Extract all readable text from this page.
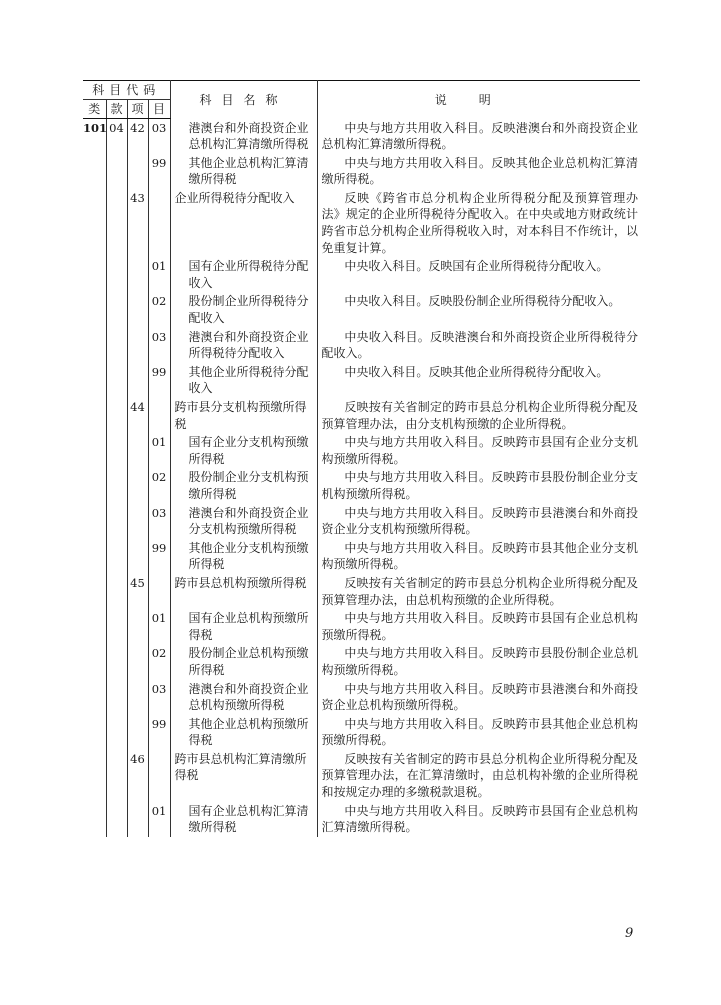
科目代码				科目名称	说明
类	款	项	目		
101	04	42	03	港澳台和外商投资企业总机构汇算清缴所得税	中央与地方共用收入科目。反映港澳台和外商投资企业总机构汇算清缴所得税。
			99	其他企业总机构汇算清缴所得税	中央与地方共用收入科目。反映其他企业总机构汇算清缴所得税。
		43		企业所得税待分配收入	反映《跨省市总分机构企业所得税分配及预算管理办法》规定的企业所得税待分配收入。在中央或地方财政统计跨省市总分机构企业所得税收入时，对本科目不作统计，以免重复计算。
			01	国有企业所得税待分配收入	中央收入科目。反映国有企业所得税待分配收入。
			02	股份制企业所得税待分配收入	中央收入科目。反映股份制企业所得税待分配收入。
			03	港澳台和外商投资企业所得税待分配收入	中央收入科目。反映港澳台和外商投资企业所得税待分配收入。
			99	其他企业所得税待分配收入	中央收入科目。反映其他企业所得税待分配收入。
		44		跨市县分支机构预缴所得税	反映按有关省制定的跨市县总分机构企业所得税分配及预算管理办法，由分支机构预缴的企业所得税。
			01	国有企业分支机构预缴所得税	中央与地方共用收入科目。反映跨市县国有企业分支机构预缴所得税。
			02	股份制企业分支机构预缴所得税	中央与地方共用收入科目。反映跨市县股份制企业分支机构预缴所得税。
			03	港澳台和外商投资企业分支机构预缴所得税	中央与地方共用收入科目。反映跨市县港澳台和外商投资企业分支机构预缴所得税。
			99	其他企业分支机构预缴所得税	中央与地方共用收入科目。反映跨市县其他企业分支机构预缴所得税。
		45		跨市县总机构预缴所得税	反映按有关省制定的跨市县总分机构企业所得税分配及预算管理办法，由总机构预缴的企业所得税。
			01	国有企业总机构预缴所得税	中央与地方共用收入科目。反映跨市县国有企业总机构预缴所得税。
			02	股份制企业总机构预缴所得税	中央与地方共用收入科目。反映跨市县股份制企业总机构预缴所得税。
			03	港澳台和外商投资企业总机构预缴所得税	中央与地方共用收入科目。反映跨市县港澳台和外商投资企业总机构预缴所得税。
			99	其他企业总机构预缴所得税	中央与地方共用收入科目。反映跨市县其他企业总机构预缴所得税。
		46		跨市县总机构汇算清缴所得税	反映按有关省制定的跨市县总分机构企业所得税分配及预算管理办法，在汇算清缴时，由总机构补缴的企业所得税和按规定办理的多缴税款退税。
			01	国有企业总机构汇算清缴所得税	中央与地方共用收入科目。反映跨市县国有企业总机构汇算清缴所得税。
9
